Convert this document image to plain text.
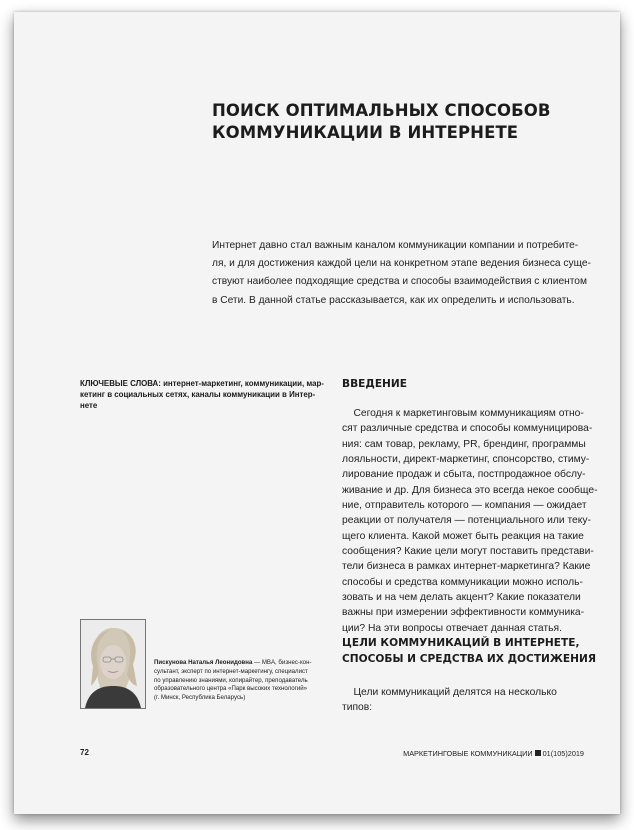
ПОИСК ОПТИМАЛЬНЫХ СПОСОБОВ
КОММУНИКАЦИИ В ИНТЕРНЕТЕ

Интернет давно стал важным каналом коммуникации компании и потребите-
ля, и для достижения каждой цели на конкретном этапе ведения бизнеса суще-
ствуют наиболее подходящие средства и способы взаимодействия с клиентом
в Сети. В данной статье рассказывается, как их определить и использовать.

КЛЮЧЕВЫЕ СЛОВА: интернет-маркетинг, коммуникации, мар-
кетинг в социальных сетях, каналы коммуникации в Интер-
нете
ВВЕДЕНИЕ

Сегодня к маркетинговым коммуникациям отно-
сят различные средства и способы коммуницирова-
ния: сам товар, рекламу, PR, брендинг, программы
лояльности, директ-маркетинг, спонсорство, стиму-
лирование продаж и сбыта, постпродажное обслу-
живание и др. Для бизнеса это всегда некое сообще-
ние, отправитель которого — компания — ожидает
реакции от получателя — потенциального или теку-
щего клиента. Какой может быть реакция на такие
сообщения? Какие цели могут поставить представи-
тели бизнеса в рамках интернет-маркетинга? Какие
способы и средства коммуникации можно исполь-
зовать и на чем делать акцент? Какие показатели
важны при измерении эффективности коммуника-
ции? На эти вопросы отвечает данная статья.

ЦЕЛИ КОММУНИКАЦИЙ В ИНТЕРНЕТЕ,
СПОСОБЫ И СРЕДСТВА ИХ ДОСТИЖЕНИЯ

Цели коммуникаций делятся на несколько
типов:

Пискунова Наталья Леонидовна — MBA, бизнес-кон-
сультант, эксперт по интернет-маркетингу, специалист
по управлению знаниями, копирайтер, преподаватель
образовательного центра «Парк высоких технологий»
(г. Минск, Республика Беларусь)
72	МАРКЕТИНГОВЫЕ КОММУНИКАЦИИ 01(105)2019
